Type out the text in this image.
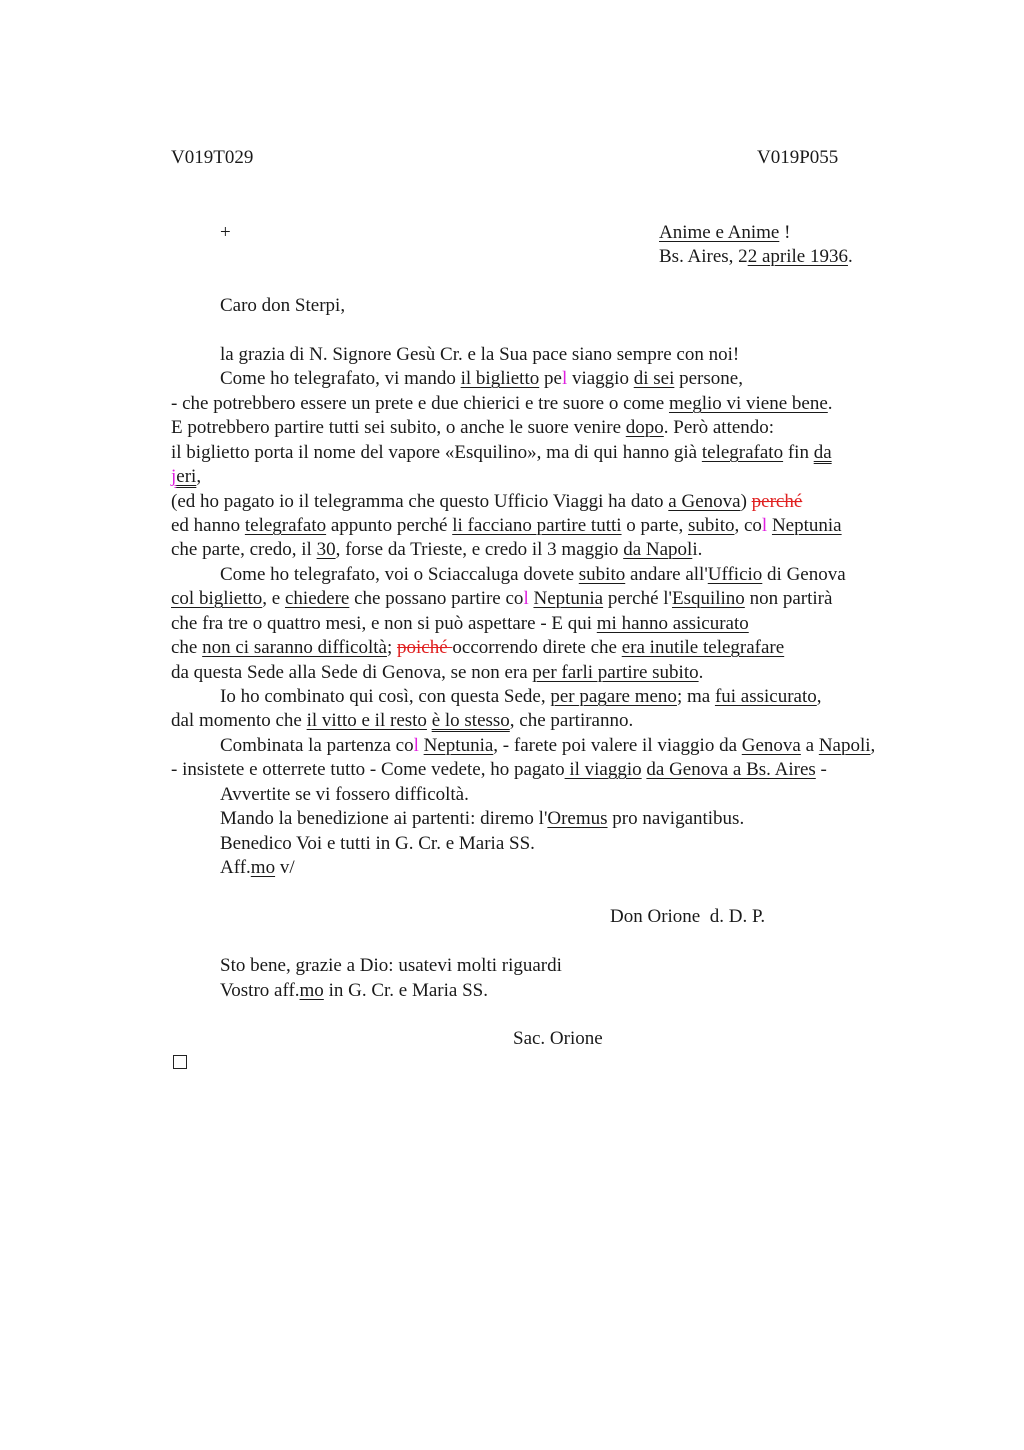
V019T029	V019P055
+	Anime e Anime !
Bs. Aires, 22 aprile 1936.
Caro don Sterpi,
la grazia di N. Signore Gesù Cr. e la Sua pace siano sempre con noi!
Come ho telegrafato, vi mando il biglietto pel viaggio di sei persone,
- che potrebbero essere un prete e due chierici e tre suore o come meglio vi viene bene.
E potrebbero partire tutti sei subito, o anche le suore venire dopo. Però attendo:
il biglietto porta il nome del vapore «Esquilino», ma di qui hanno già telegrafato fin da
jeri,
(ed ho pagato io il telegramma che questo Ufficio Viaggi ha dato a Genova) perché
ed hanno telegrafato appunto perché li facciano partire tutti o parte, subito, col Neptunia
che parte, credo, il 30, forse da Trieste, e credo il 3 maggio da Napoli.
Come ho telegrafato, voi o Sciaccaluga dovete subito andare all'Ufficio di Genova
col biglietto, e chiedere che possano partire col Neptunia perché l'Esquilino non partirà
che fra tre o quattro mesi, e non si può aspettare - E qui mi hanno assicurato
che non ci saranno difficoltà; poiché occorrendo direte che era inutile telegrafare
da questa Sede alla Sede di Genova, se non era per farli partire subito.
Io ho combinato qui così, con questa Sede, per pagare meno; ma fui assicurato,
dal momento che il vitto e il resto è lo stesso, che partiranno.
Combinata la partenza col Neptunia, - farete poi valere il viaggio da Genova a Napoli,
- insistete e otterrete tutto - Come vedete, ho pagato il viaggio da Genova a Bs. Aires -
Avvertite se vi fossero difficoltà.
Mando la benedizione ai partenti: diremo l'Oremus pro navigantibus.
Benedico Voi e tutti in G. Cr. e Maria SS.
Aff.mo v/
Don Orione  d. D. P.
Sto bene, grazie a Dio: usatevi molti riguardi
Vostro aff.mo in G. Cr. e Maria SS.
Sac. Orione
